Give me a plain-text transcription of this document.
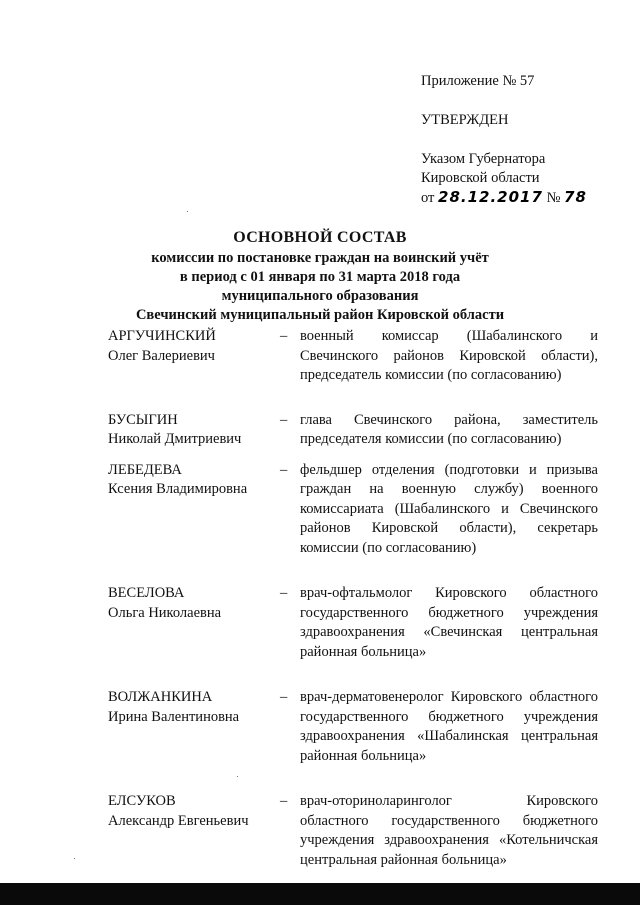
Приложение № 57
УТВЕРЖДЕН
Указом Губернатора
Кировской области
от 28.12.2017 № 78
ОСНОВНОЙ СОСТАВ
комиссии по постановке граждан на воинский учёт
в период с 01 января по 31 марта 2018 года
муниципального образования
Свечинский муниципальный район Кировской области
АРГУЧИНСКИЙ
Олег Валериевич
– военный комиссар (Шабалинского и Свечинского районов Кировской области), председатель комиссии (по согласованию)
БУСЫГИН
Николай Дмитриевич
– глава Свечинского района, заместитель председателя комиссии (по согласованию)
ЛЕБЕДЕВА
Ксения Владимировна
– фельдшер отделения (подготовки и призыва граждан на военную службу) военного комиссариата (Шабалинского и Свечинского районов Кировской области), секретарь комиссии (по согласованию)
ВЕСЕЛОВА
Ольга Николаевна
– врач-офтальмолог Кировского областного государственного бюджетного учреждения здравоохранения «Свечинская центральная районная больница»
ВОЛЖАНКИНА
Ирина Валентиновна
– врач-дерматовенеролог Кировского областного государственного бюджетного учреждения здравоохранения «Шабалинская центральная районная больница»
ЕЛСУКОВ
Александр Евгеньевич
– врач-оториноларинголог Кировского областного государственного бюджетного учреждения здравоохранения «Котельничская центральная районная больница»
